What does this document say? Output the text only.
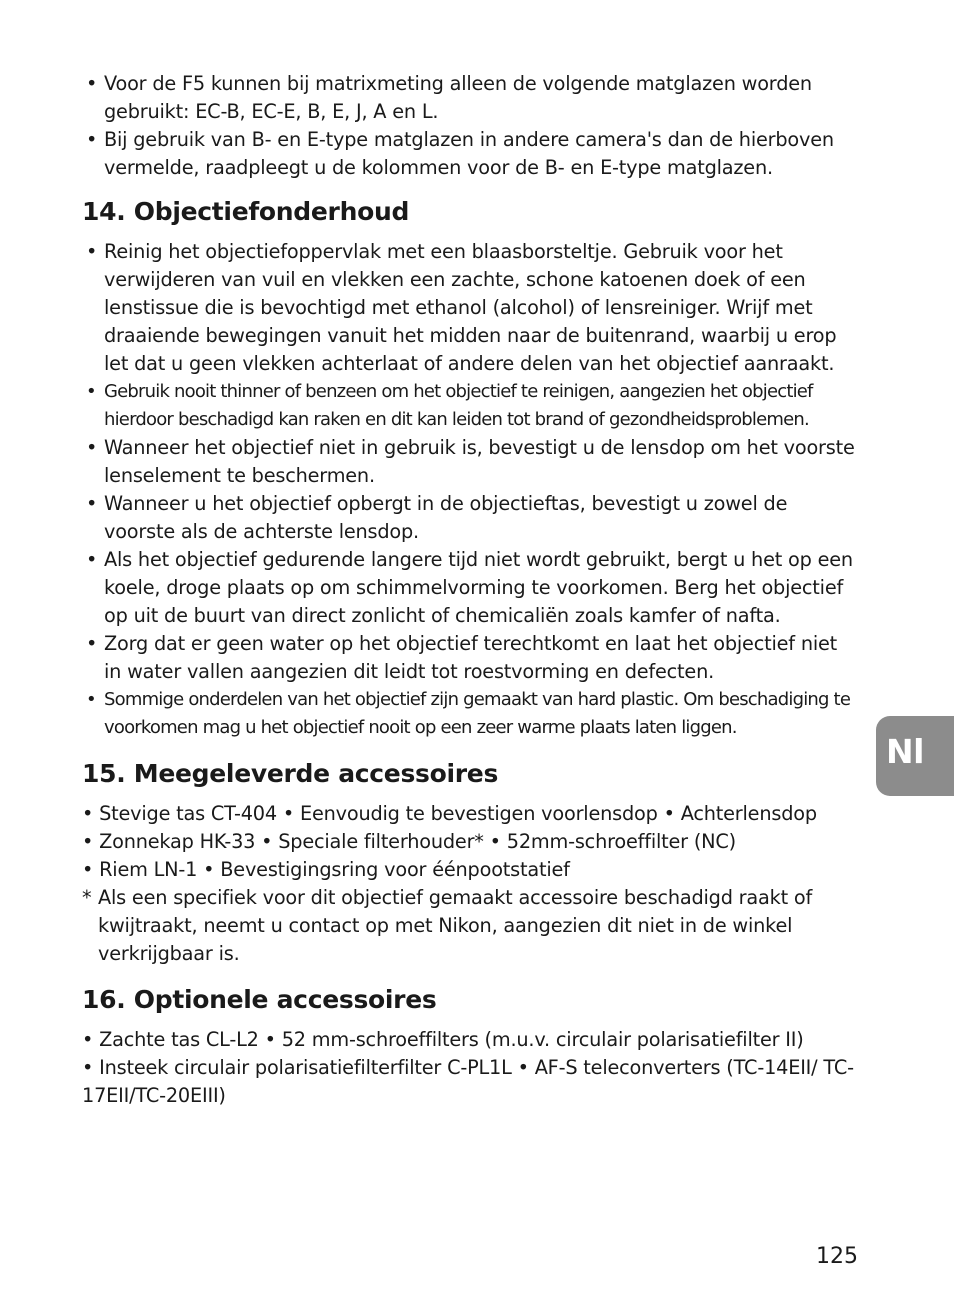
• Voor de F5 kunnen bij matrixmeting alleen de volgende matglazen worden gebruikt: EC-B, EC-E, B, E, J, A en L.
• Bij gebruik van B- en E-type matglazen in andere camera's dan de hierboven vermelde, raadpleegt u de kolommen voor de B- en E-type matglazen.
14. Objectiefonderhoud
• Reinig het objectiefoppervlak met een blaasborsteltje. Gebruik voor het verwijderen van vuil en vlekken een zachte, schone katoenen doek of een lenstissue die is bevochtigd met ethanol (alcohol) of lensreiniger. Wrijf met draaiende bewegingen vanuit het midden naar de buitenrand, waarbij u erop let dat u geen vlekken achterlaat of andere delen van het objectief aanraakt.
• Gebruik nooit thinner of benzeen om het objectief te reinigen, aangezien het objectief hierdoor beschadigd kan raken en dit kan leiden tot brand of gezondheidsproblemen.
• Wanneer het objectief niet in gebruik is, bevestigt u de lensdop om het voorste lenselement te beschermen.
• Wanneer u het objectief opbergt in de objectieftas, bevestigt u zowel de voorste als de achterste lensdop.
• Als het objectief gedurende langere tijd niet wordt gebruikt, bergt u het op een koele, droge plaats op om schimmelvorming te voorkomen. Berg het objectief op uit de buurt van direct zonlicht of chemicaliën zoals kamfer of nafta.
• Zorg dat er geen water op het objectief terechtkomt en laat het objectief niet in water vallen aangezien dit leidt tot roestvorming en defecten.
• Sommige onderdelen van het objectief zijn gemaakt van hard plastic. Om beschadiging te voorkomen mag u het objectief nooit op een zeer warme plaats laten liggen.
15. Meegeleverde accessoires
• Stevige tas CT-404 • Eenvoudig te bevestigen voorlensdop • Achterlensdop
• Zonnekap HK-33 • Speciale filterhouder* • 52mm-schroeffilter (NC)
• Riem LN-1 • Bevestigingsring voor éénpootstatief
* Als een specifiek voor dit objectief gemaakt accessoire beschadigd raakt of kwijtraakt, neemt u contact op met Nikon, aangezien dit niet in de winkel verkrijgbaar is.
16. Optionele accessoires
• Zachte tas CL-L2 • 52 mm-schroeffilters (m.u.v. circulair polarisatiefilter II)
• Insteek circulair polarisatiefilterfilter C-PL1L • AF-S teleconverters (TC-14EII/ TC-17EII/TC-20EIII)
Nl
125
